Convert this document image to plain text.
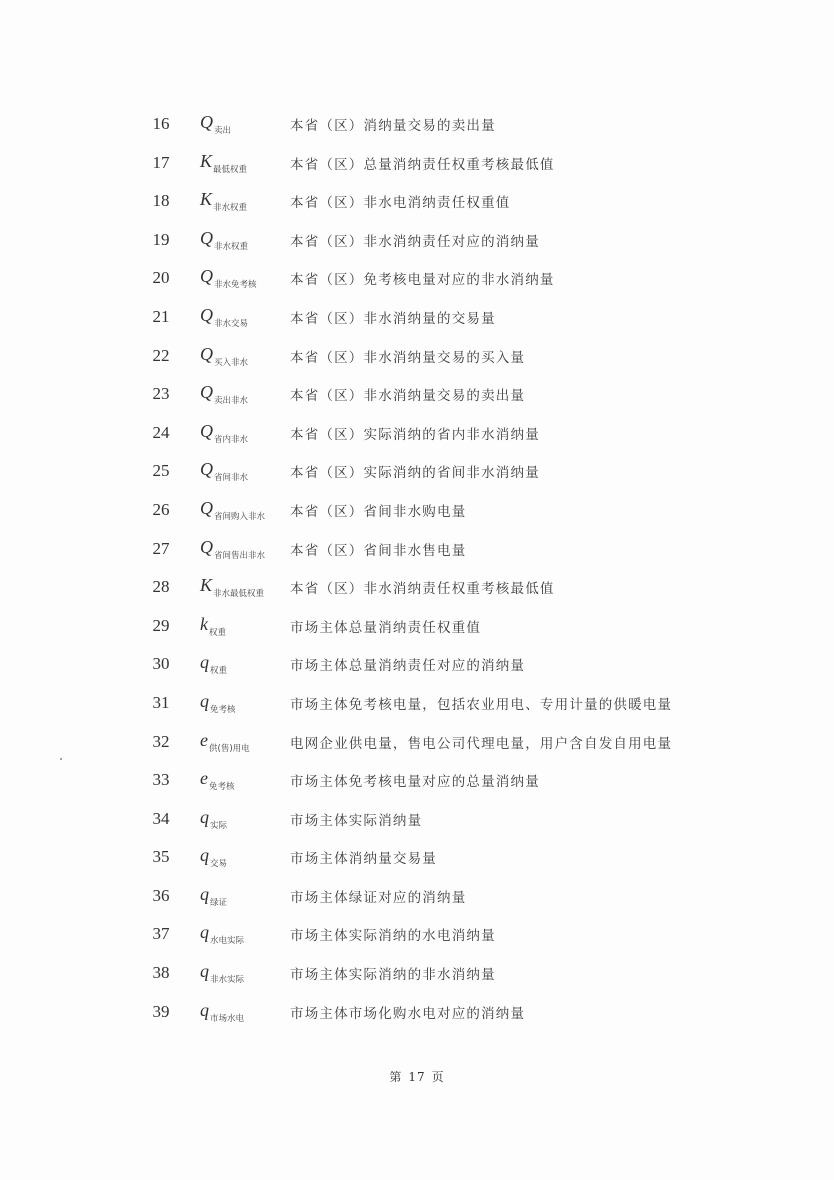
16	$Q_{卖出}$	本省（区）消纳量交易的卖出量
17	$K_{最低权重}$	本省（区）总量消纳责任权重考核最低值
18	$K_{非水权重}$	本省（区）非水电消纳责任权重值
19	$Q_{非水权重}$	本省（区）非水消纳责任对应的消纳量
20	$Q_{非水免考核}$ 本省（区）免考核电量对应的非水消纳量
21	$Q_{非水交易}$	本省（区）非水消纳量的交易量
22	$Q_{买入非水}$	本省（区）非水消纳量交易的买入量
23	$Q_{卖出非水}$	本省（区）非水消纳量交易的卖出量
24	$Q_{省内非水}$	本省（区）实际消纳的省内非水消纳量
25	$Q_{省间非水}$	本省（区）实际消纳的省间非水消纳量
26	$Q_{省间购入非水}$ 本省（区）省间非水购电量
27	$Q_{省间售出非水}$ 本省（区）省间非水售电量
28	$K_{非水最低权重}$ 本省（区）非水消纳责任权重考核最低值
29	$k_{权重}$	市场主体总量消纳责任权重值
30	$q_{权重}$	市场主体总量消纳责任对应的消纳量
31	$q_{免考核}$	市场主体免考核电量，包括农业用电、专用计量的供暖电量
32	$e_{供(售)用电}$	电网企业供电量，售电公司代理电量，用户含自发自用电量
33	$e_{免考核}$	市场主体免考核电量对应的总量消纳量
34	$q_{实际}$	市场主体实际消纳量
35	$q_{交易}$	市场主体消纳量交易量
36	$q_{绿证}$	市场主体绿证对应的消纳量
37	$q_{水电实际}$	市场主体实际消纳的水电消纳量
38	$q_{非水实际}$	市场主体实际消纳的非水消纳量
39	$q_{市场水电}$	市场主体市场化购水电对应的消纳量
第 17 页
